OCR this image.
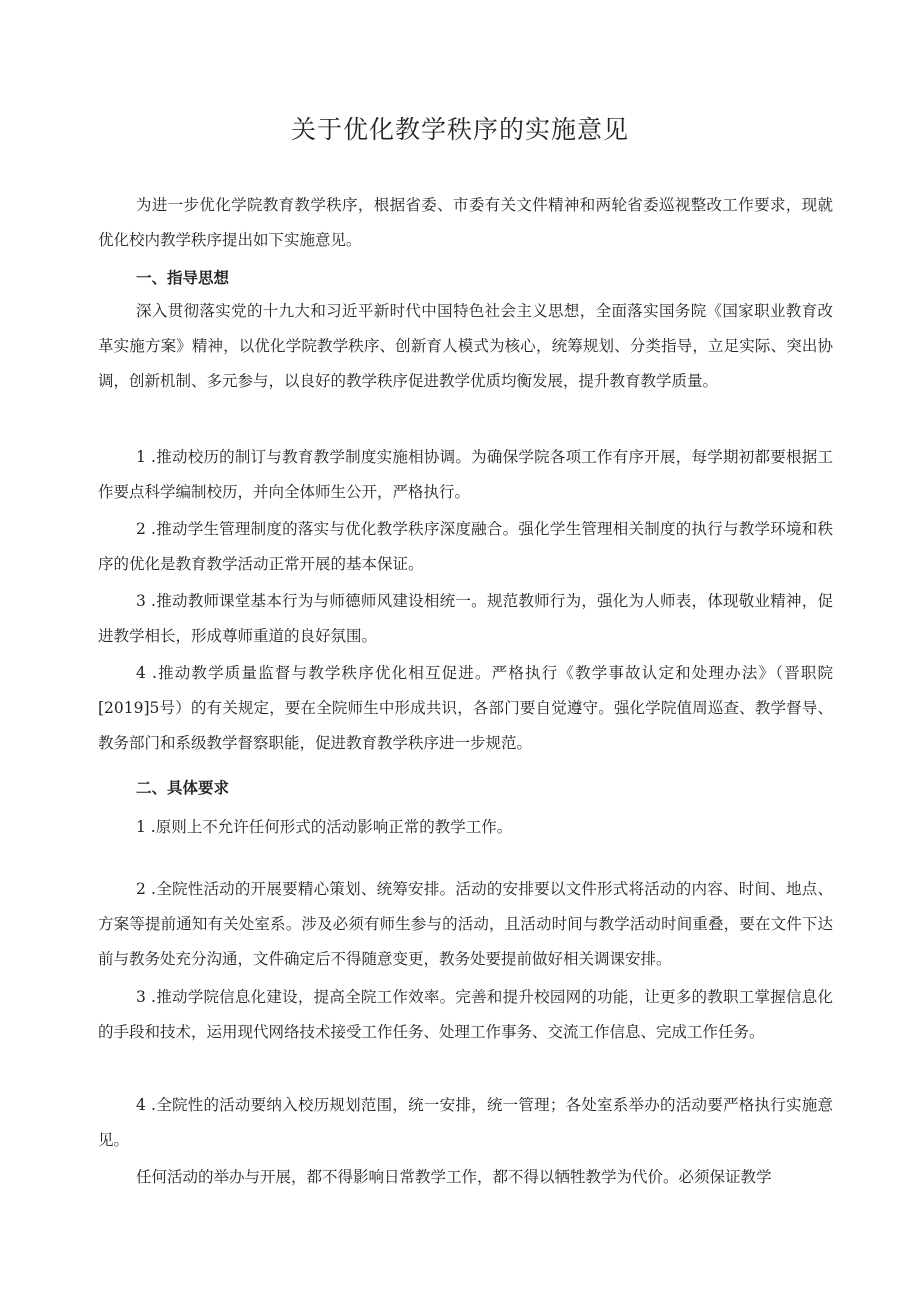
关于优化教学秩序的实施意见

为进一步优化学院教育教学秩序，根据省委、市委有关文件精神和两轮省委巡视整改工作要求，现就优化校内教学秩序提出如下实施意见。

一、指导思想

深入贯彻落实党的十九大和习近平新时代中国特色社会主义思想，全面落实国务院《国家职业教育改革实施方案》精神，以优化学院教学秩序、创新育人模式为核心，统筹规划、分类指导，立足实际、突出协调，创新机制、多元参与，以良好的教学秩序促进教学优质均衡发展，提升教育教学质量。

1 .推动校历的制订与教育教学制度实施相协调。为确保学院各项工作有序开展，每学期初都要根据工作要点科学编制校历，并向全体师生公开，严格执行。

2 .推动学生管理制度的落实与优化教学秩序深度融合。强化学生管理相关制度的执行与教学环境和秩序的优化是教育教学活动正常开展的基本保证。

3 .推动教师课堂基本行为与师德师风建设相统一。规范教师行为，强化为人师表，体现敬业精神，促进教学相长，形成尊师重道的良好氛围。

4 .推动教学质量监督与教学秩序优化相互促进。严格执行《教学事故认定和处理办法》（晋职院[2019]5号）的有关规定，要在全院师生中形成共识，各部门要自觉遵守。强化学院值周巡查、教学督导、教务部门和系级教学督察职能，促进教育教学秩序进一步规范。

二、具体要求

1 .原则上不允许任何形式的活动影响正常的教学工作。

2 .全院性活动的开展要精心策划、统筹安排。活动的安排要以文件形式将活动的内容、时间、地点、方案等提前通知有关处室系。涉及必须有师生参与的活动，且活动时间与教学活动时间重叠，要在文件下达前与教务处充分沟通，文件确定后不得随意变更，教务处要提前做好相关调课安排。

3 .推动学院信息化建设，提高全院工作效率。完善和提升校园网的功能，让更多的教职工掌握信息化的手段和技术，运用现代网络技术接受工作任务、处理工作事务、交流工作信息、完成工作任务。

4 .全院性的活动要纳入校历规划范围，统一安排，统一管理；各处室系举办的活动要严格执行实施意见。

任何活动的举办与开展，都不得影响日常教学工作，都不得以牺牲教学为代价。必须保证教学
